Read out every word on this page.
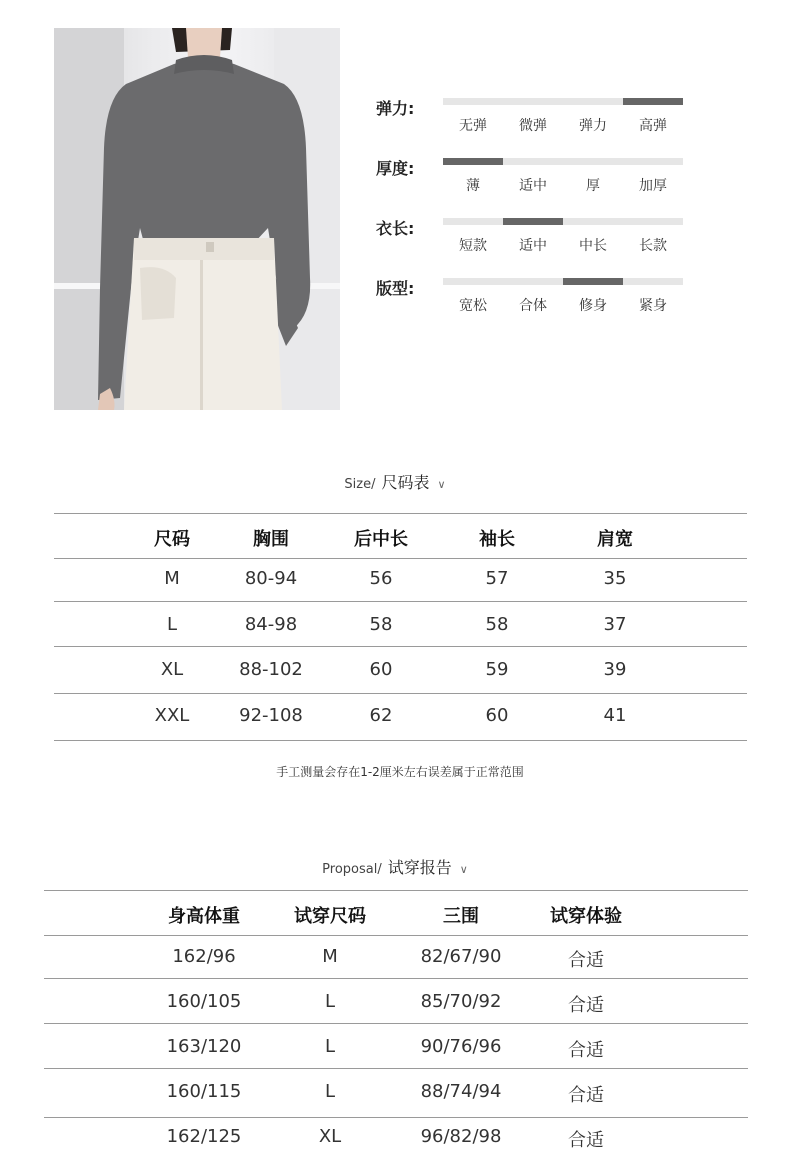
弹力:
无弹	微弹	弹力	高弹
厚度:
薄	适中	厚	加厚
衣长:
短款	适中	中长	长款
版型:
宽松	合体	修身	紧身
Size/ 尺码表 ∨
尺码	胸围	后中长	袖长	肩宽
M	80-94	56	57	35
L	84-98	58	58	37
XL	88-102	60	59	39
XXL	92-108	62	60	41
手工测量会存在1-2厘米左右误差属于正常范围
Proposal/ 试穿报告 ∨
身高体重	试穿尺码	三围	试穿体验
162/96	M	82/67/90	合适
160/105	L	85/70/92	合适
163/120	L	90/76/96	合适
160/115	L	88/74/94	合适
162/125	XL	96/82/98	合适
